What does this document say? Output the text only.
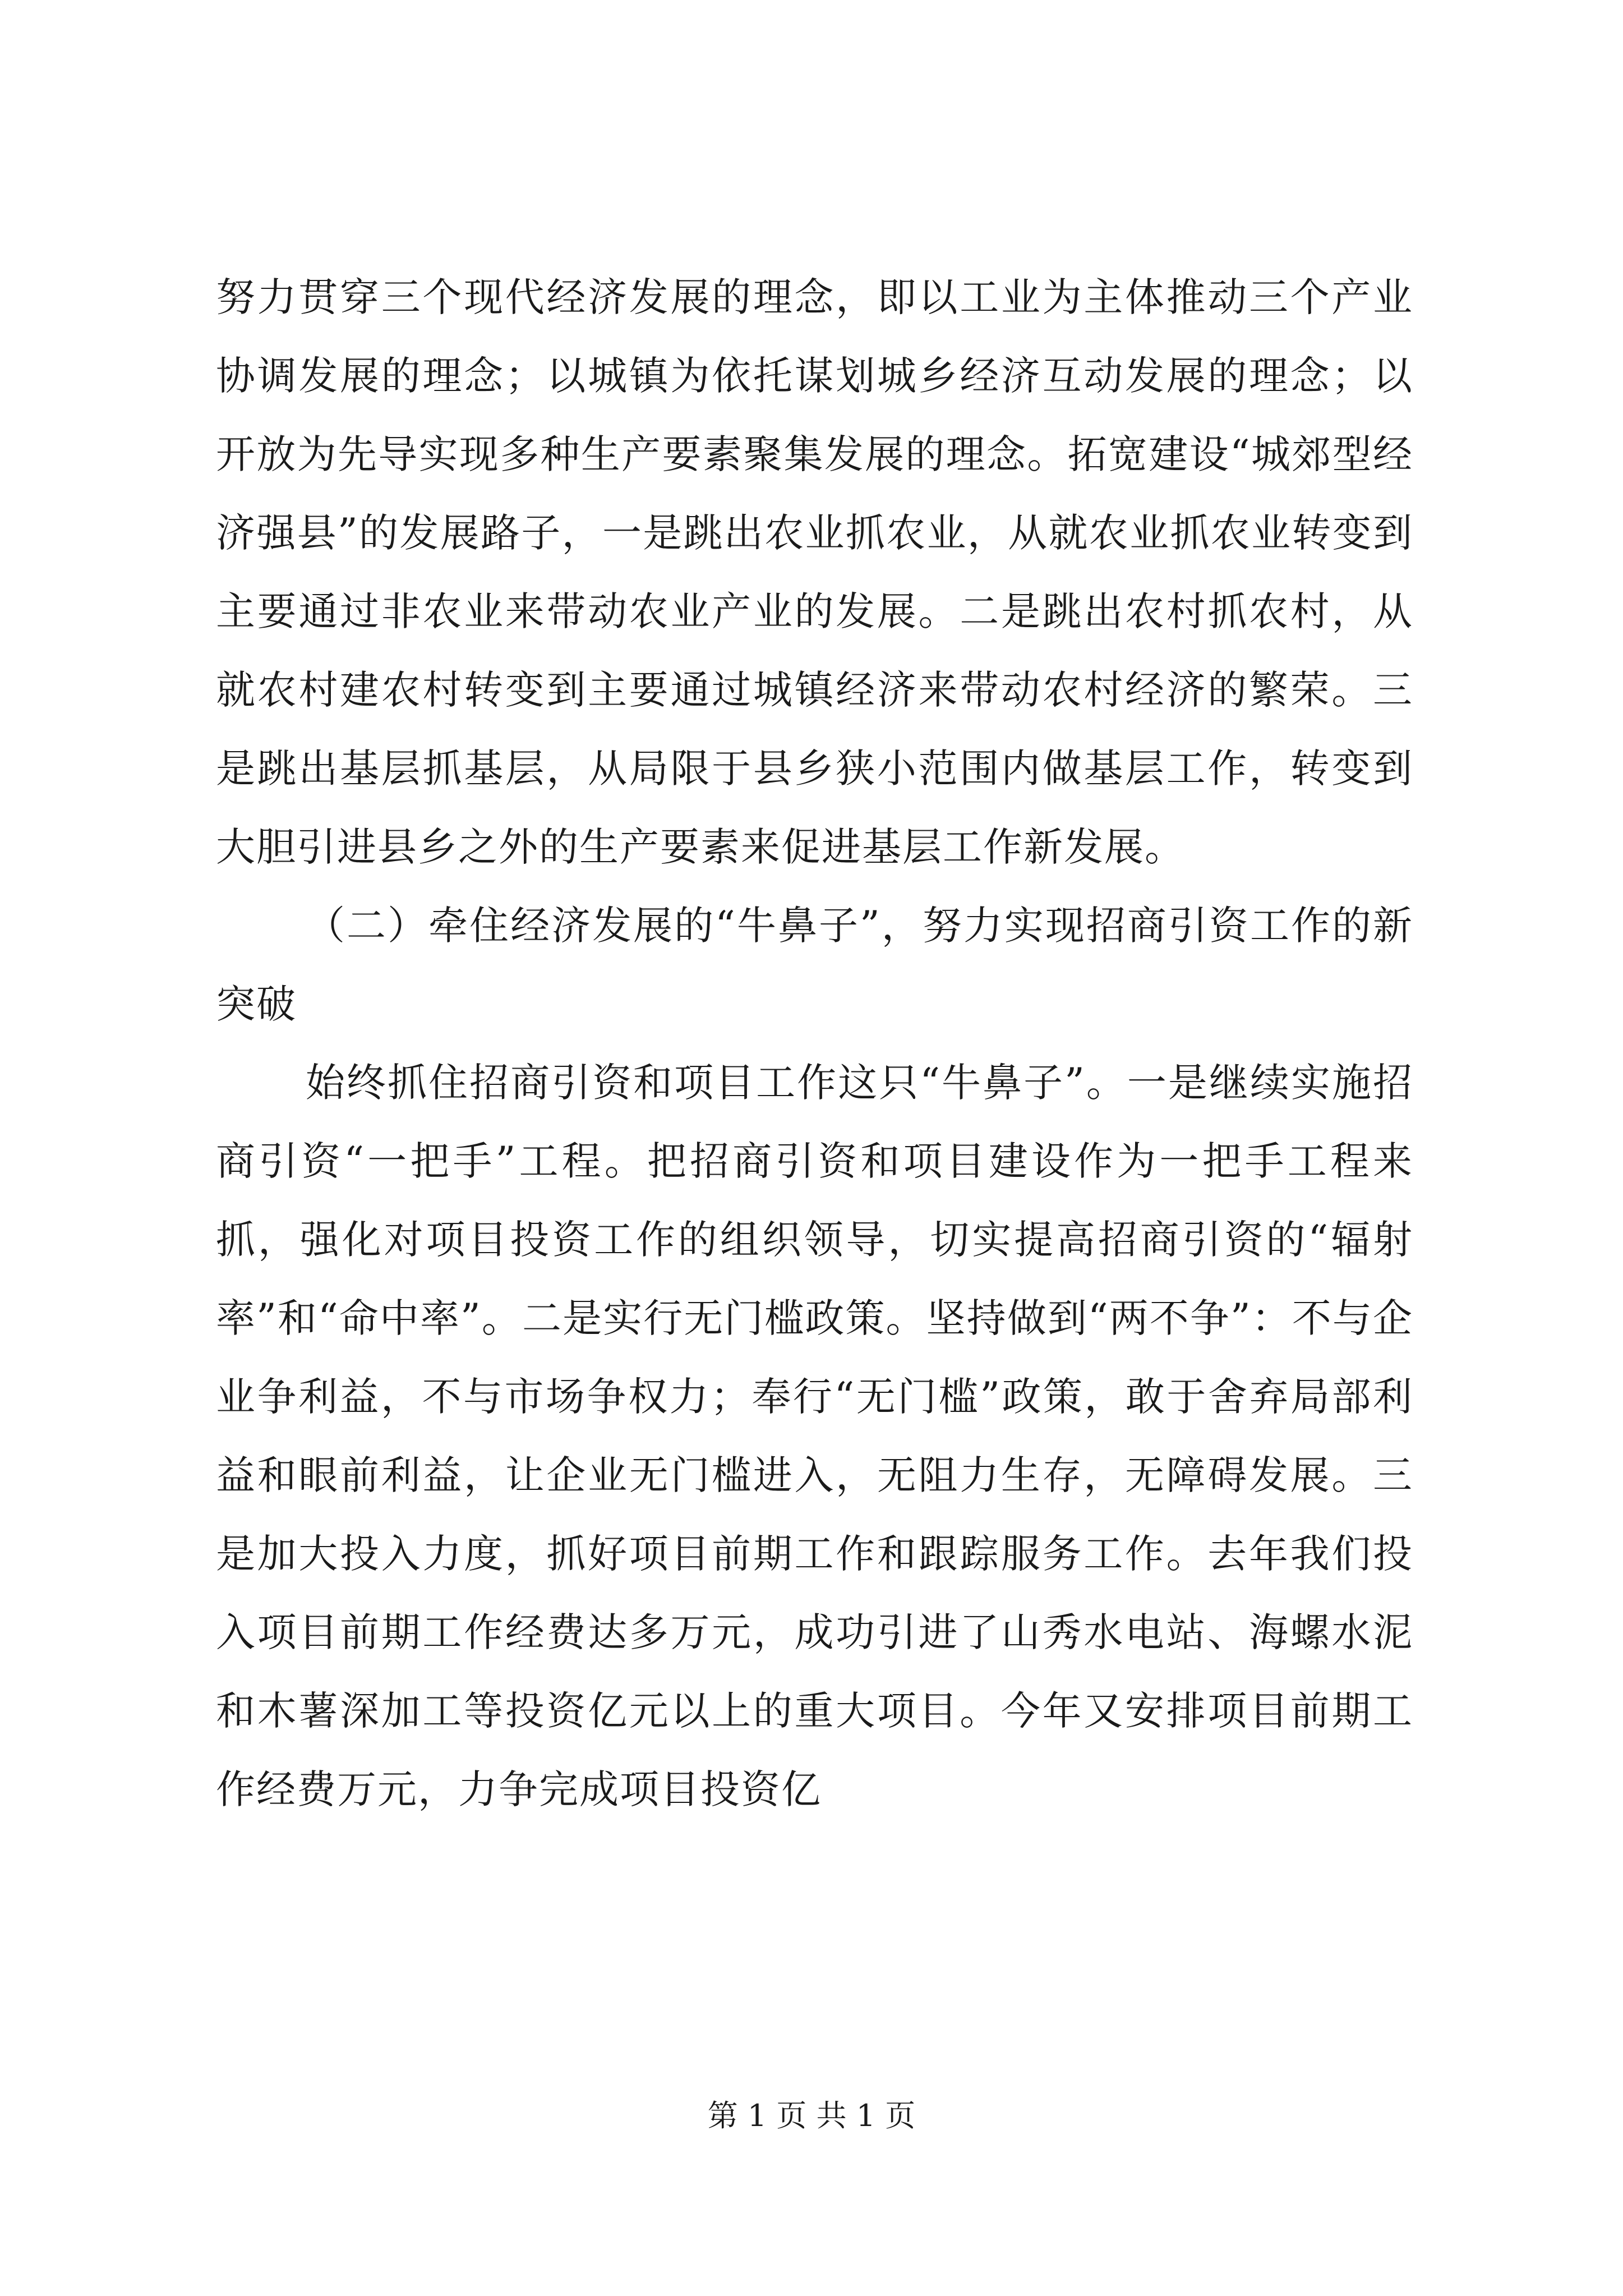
努力贯穿三个现代经济发展的理念，即以工业为主体推动三个产业协调发展的理念；以城镇为依托谋划城乡经济互动发展的理念；以开放为先导实现多种生产要素聚集发展的理念。拓宽建设“城郊型经济强县”的发展路子，一是跳出农业抓农业，从就农业抓农业转变到主要通过非农业来带动农业产业的发展。二是跳出农村抓农村，从就农村建农村转变到主要通过城镇经济来带动农村经济的繁荣。三是跳出基层抓基层，从局限于县乡狭小范围内做基层工作，转变到大胆引进县乡之外的生产要素来促进基层工作新发展。

（二）牵住经济发展的“牛鼻子”，努力实现招商引资工作的新突破

始终抓住招商引资和项目工作这只“牛鼻子”。一是继续实施招商引资“一把手”工程。把招商引资和项目建设作为一把手工程来抓，强化对项目投资工作的组织领导，切实提高招商引资的“辐射率”和“命中率”。二是实行无门槛政策。坚持做到“两不争”：不与企业争利益，不与市场争权力；奉行“无门槛”政策，敢于舍弃局部利益和眼前利益，让企业无门槛进入，无阻力生存，无障碍发展。三是加大投入力度，抓好项目前期工作和跟踪服务工作。去年我们投入项目前期工作经费达多万元，成功引进了山秀水电站、海螺水泥和木薯深加工等投资亿元以上的重大项目。今年又安排项目前期工作经费万元，力争完成项目投资亿

第 1 页 共 1 页
